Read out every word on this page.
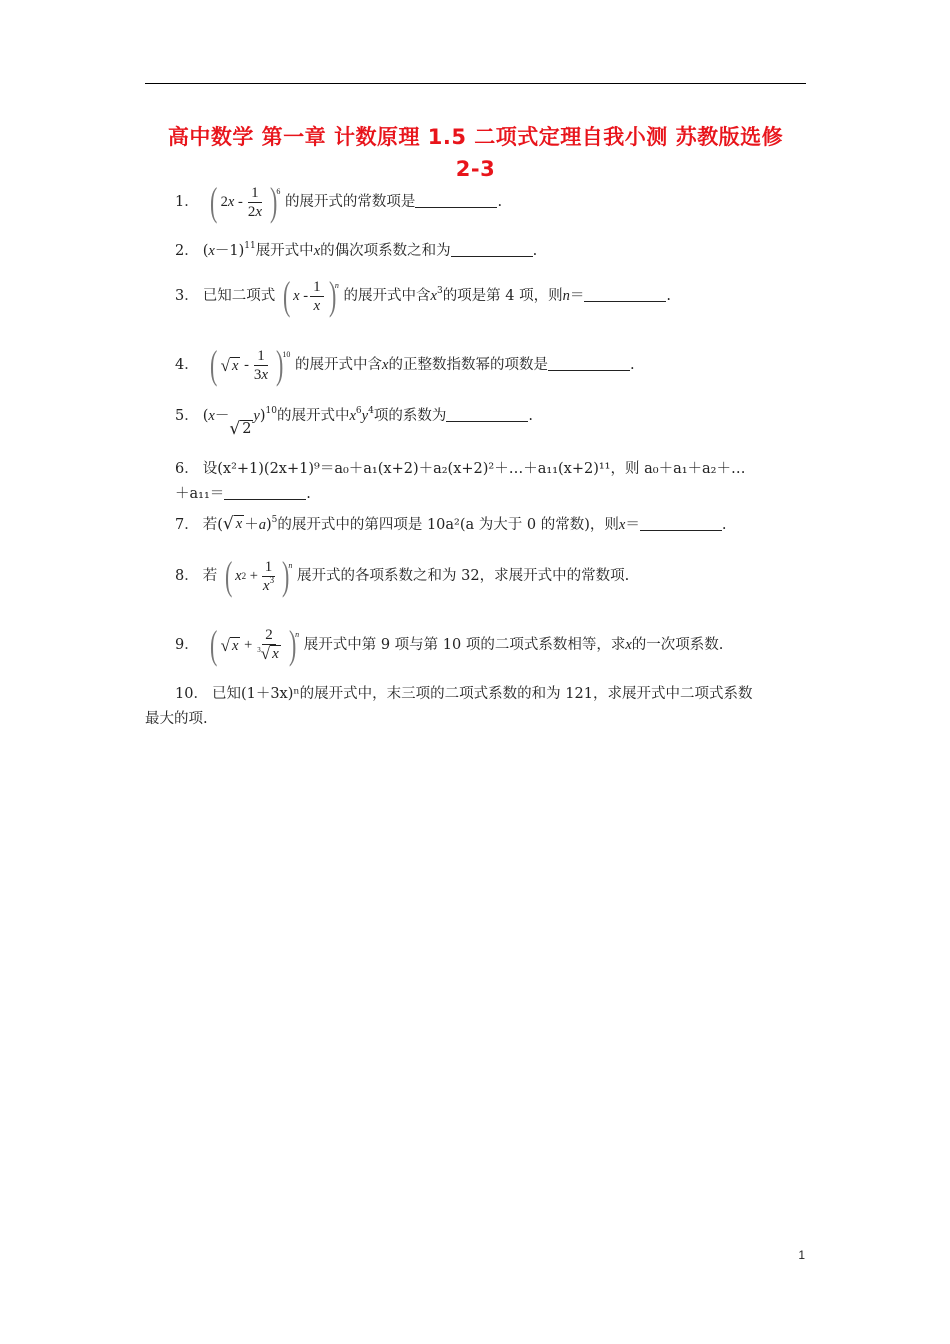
高中数学 第一章 计数原理 1.5 二项式定理自我小测 苏教版选修
2-3
1． ( 2 x - $\frac{1}{2x}$ )
6
的展开式的常数项是	.
2． $(x-1)^{11}$展开式中x的偶次项系数之和为	.
3． 已知二项式 ( x - $\frac{1}{x}$ )
n
的展开式中含$x^3$的项是第 4 项，则n＝	.
4． ( √ x - $\frac{1}{3x}$ )
10
的展开式中含x的正整数指数幂的项数是	.
5． (x－
√ 2
y)$^{10}$的展开式中$x^6y^4$项的系数为	.
6． 设(x²+1)(2x+1)⁹＝a₀＋a₁(x+2)＋a₂(x+2)²＋…＋a₁₁(x+2)¹¹，则 a₀＋a₁＋a₂＋…
＋a₁₁＝	.
7． 若( √ x ＋a)$^5$的展开式中的第四项是 10a²(a 为大于 0 的常数)，则x＝	.
8． 若 ( x $2 + \frac{1}{x^3}$ )
n
展开式的各项系数之和为 32，求展开式中的常数项.
9． ( √ $x + \frac{2}{^3 √ x}$ )
n
展开式中第 9 项与第 10 项的二项式系数相等，求x的一次项系数.
10． 已知(1＋3x)ⁿ的展开式中，末三项的二项式系数的和为 121，求展开式中二项式系数
最大的项.
1
